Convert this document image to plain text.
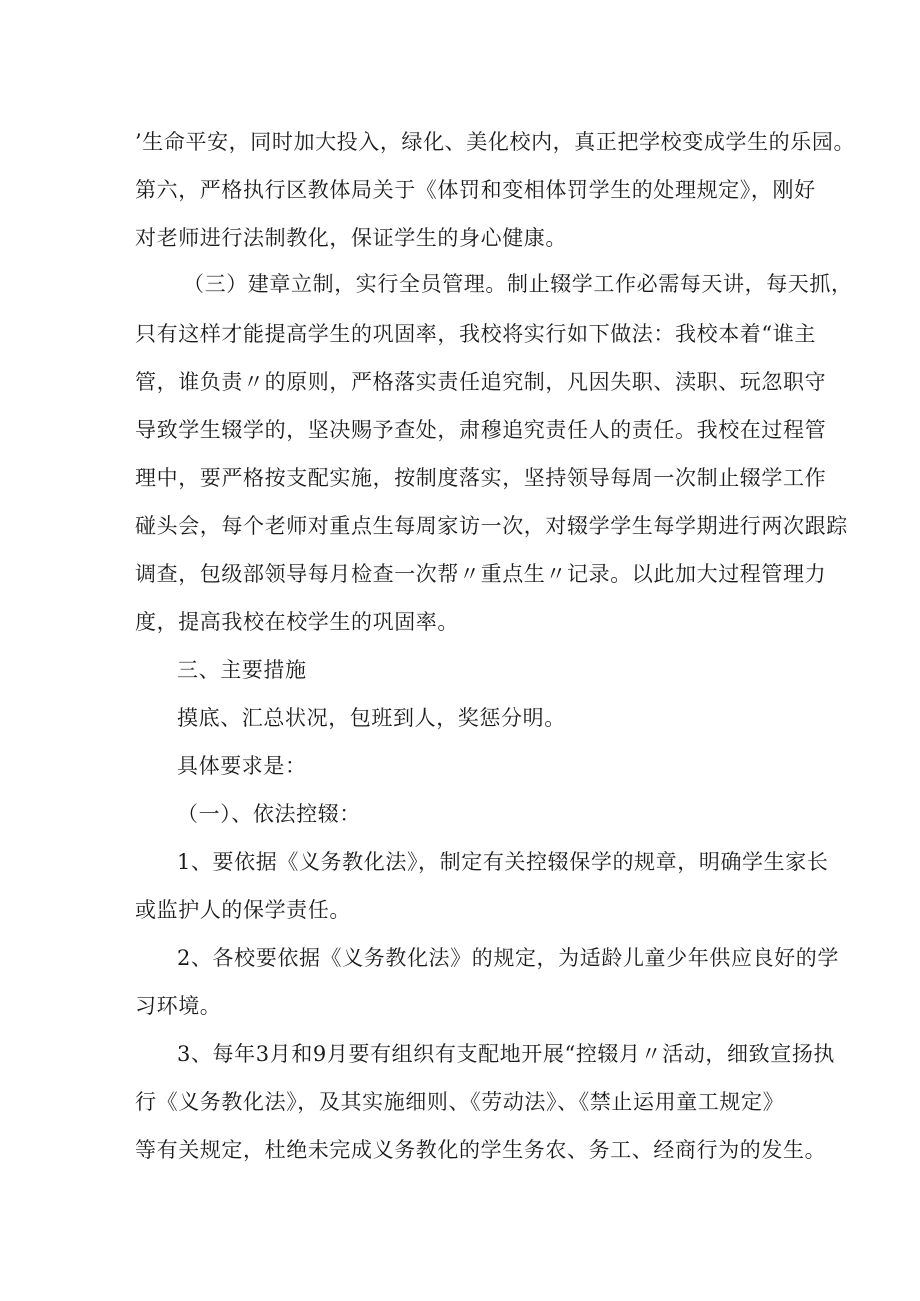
’生命平安，同时加大投入，绿化、美化校内，真正把学校变成学生的乐园。
第六，严格执行区教体局关于《体罚和变相体罚学生的处理规定》，刚好
对老师进行法制教化，保证学生的身心健康。
（三）建章立制，实行全员管理。制止辍学工作必需每天讲，每天抓，
只有这样才能提高学生的巩固率，我校将实行如下做法：我校本着“谁主
管，谁负责〃的原则，严格落实责任追究制，凡因失职、渎职、玩忽职守
导致学生辍学的，坚决赐予查处，肃穆追究责任人的责任。我校在过程管
理中，要严格按支配实施，按制度落实，坚持领导每周一次制止辍学工作
碰头会，每个老师对重点生每周家访一次，对辍学学生每学期进行两次跟踪
调查，包级部领导每月检查一次帮〃重点生〃记录。以此加大过程管理力
度，提高我校在校学生的巩固率。
三、主要措施
摸底、汇总状况，包班到人，奖惩分明。
具体要求是：
（一）、依法控辍：
1、要依据《义务教化法》，制定有关控辍保学的规章，明确学生家长
或监护人的保学责任。
2、各校要依据《义务教化法》的规定，为适龄儿童少年供应良好的学
习环境。
3、每年3月和9月要有组织有支配地开展“控辍月〃活动，细致宣扬执
行《义务教化法》，及其实施细则、《劳动法》、《禁止运用童工规定》
等有关规定，杜绝未完成义务教化的学生务农、务工、经商行为的发生。
